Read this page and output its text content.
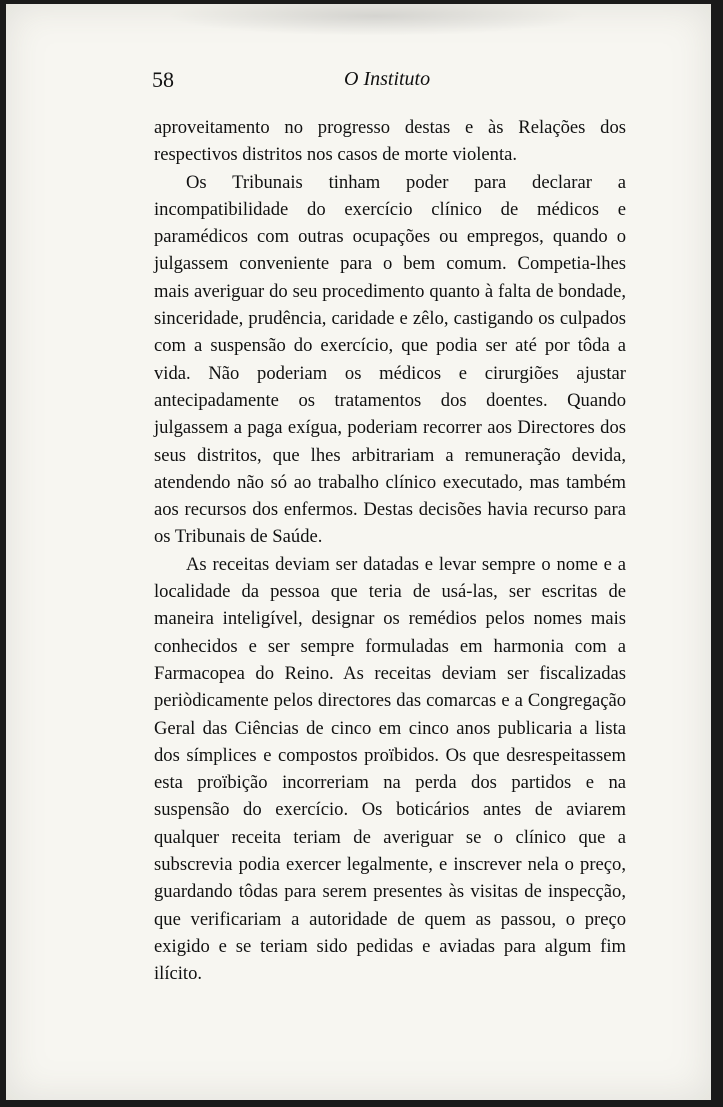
58	O Instituto

aproveitamento no progresso destas e às Relações dos respectivos distritos nos casos de morte violenta.

Os Tribunais tinham poder para declarar a incompatibilidade do exercício clínico de médicos e paramédicos com outras ocupações ou empregos, quando o julgassem conveniente para o bem comum. Competia-lhes mais averiguar do seu procedimento quanto à falta de bondade, sinceridade, prudência, caridade e zêlo, castigando os culpados com a suspensão do exercício, que podia ser até por tôda a vida. Não poderiam os médicos e cirurgiões ajustar antecipadamente os tratamentos dos doentes. Quando julgassem a paga exígua, poderiam recorrer aos Directores dos seus distritos, que lhes arbitrariam a remuneração devida, atendendo não só ao trabalho clínico executado, mas também aos recursos dos enfermos. Destas decisões havia recurso para os Tribunais de Saúde.

As receitas deviam ser datadas e levar sempre o nome e a localidade da pessoa que teria de usá-las, ser escritas de maneira inteligível, designar os remédios pelos nomes mais conhecidos e ser sempre formuladas em harmonia com a Farmacopea do Reino. As receitas deviam ser fiscalizadas periòdicamente pelos directores das comarcas e a Congregação Geral das Ciências de cinco em cinco anos publicaria a lista dos símplices e compostos proïbidos. Os que desrespeitassem esta proïbição incorreriam na perda dos partidos e na suspensão do exercício. Os boticários antes de aviarem qualquer receita teriam de averiguar se o clínico que a subscrevia podia exercer legalmente, e inscrever nela o preço, guardando tôdas para serem presentes às visitas de inspecção, que verificariam a autoridade de quem as passou, o preço exigido e se teriam sido pedidas e aviadas para algum fim ilícito.
